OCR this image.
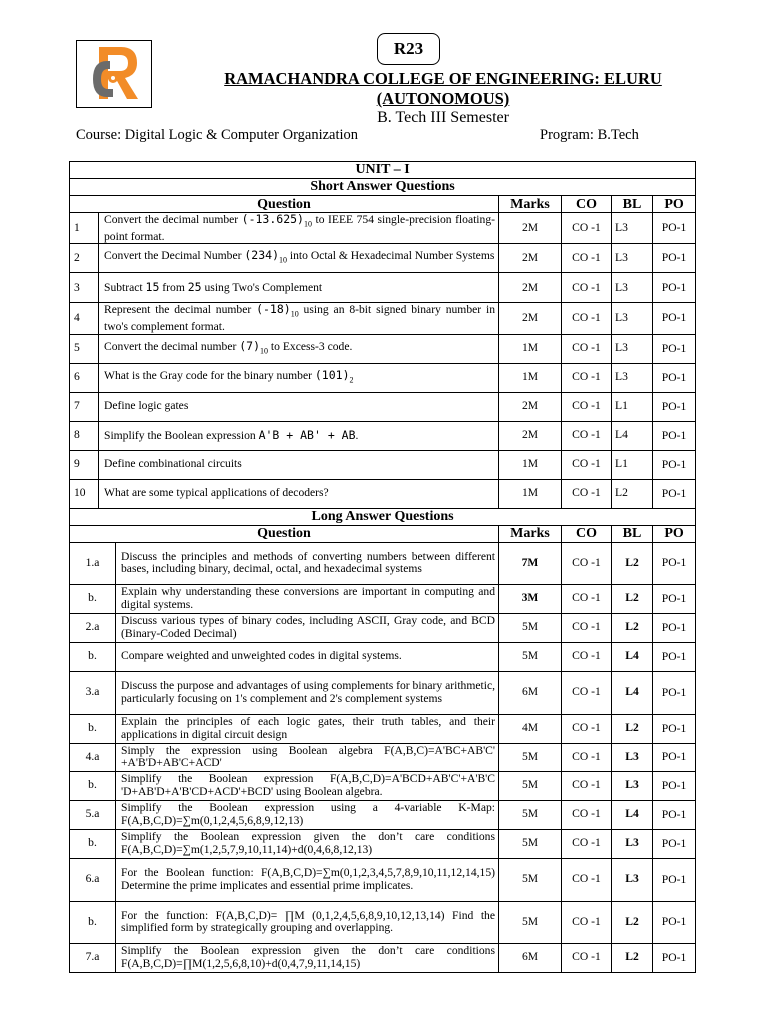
R23
RAMACHANDRA COLLEGE OF ENGINEERING: ELURU
(AUTONOMOUS)
B. Tech III Semester
Course: Digital Logic & Computer Organization	Program: B.Tech
UNIT – I						
Short Answer Questions						
Question			Marks	CO	BL	PO
1	Convert the decimal number $(-13.625)_{10}$ to IEEE 754 single-precision floating-point format.		2M	CO -1	L3	PO-1
2	Convert the Decimal Number $(234)_{10}$ into Octal & Hexadecimal Number Systems		2M	CO -1	L3	PO-1
3	Subtract 15 from 25 using Two's Complement		2M	CO -1	L3	PO-1
4	Represent the decimal number $(-18)_{10}$ using an 8-bit signed binary number in two's complement format.		2M	CO -1	L3	PO-1
5	Convert the decimal number $(7)_{10}$ to Excess-3 code.		1M	CO -1	L3	PO-1
6	What is the Gray code for the binary number $(101)_2$		1M	CO -1	L3	PO-1
7	Define logic gates		2M	CO -1	L1	PO-1
8	Simplify the Boolean expression A'B + AB' + AB.		2M	CO -1	L4	PO-1
9	Define combinational circuits		1M	CO -1	L1	PO-1
10	What are some typical applications of decoders?		1M	CO -1	L2	PO-1
Long Answer Questions						
Question			Marks	CO	BL	PO
1.a		Discuss the principles and methods of converting numbers between different bases, including binary, decimal, octal, and hexadecimal systems	7M	CO -1	L2	PO-1
b.		Explain why understanding these conversions are important in computing and digital systems.	3M	CO -1	L2	PO-1
2.a		Discuss various types of binary codes, including ASCII, Gray code, and BCD (Binary-Coded Decimal)	5M	CO -1	L2	PO-1
b.		Compare weighted and unweighted codes in digital systems.	5M	CO -1	L4	PO-1
3.a		Discuss the purpose and advantages of using complements for binary arithmetic, particularly focusing on 1's complement and 2's complement systems	6M	CO -1	L4	PO-1
b.		Explain the principles of each logic gates, their truth tables, and their applications in digital circuit design	4M	CO -1	L2	PO-1
4.a		Simply the expression using Boolean algebra F(A,B,C)=A'BC+AB'C' +A'B'D+AB'C+ACD'	5M	CO -1	L3	PO-1
b.		Simplify the Boolean expression F(A,B,C,D)=A'BCD+AB'C'+A'B'C 'D+AB'D+A'B'CD+ACD'+BCD' using Boolean algebra.	5M	CO -1	L3	PO-1
5.a		Simplify the Boolean expression using a 4-variable K-Map: F(A,B,C,D)=∑m(0,1,2,4,5,6,8,9,12,13)	5M	CO -1	L4	PO-1
b.		Simplify the Boolean expression given the don’t care conditions F(A,B,C,D)=∑m(1,2,5,7,9,10,11,14)+d(0,4,6,8,12,13)	5M	CO -1	L3	PO-1
6.a		For the Boolean function: F(A,B,C,D)=∑m(0,1,2,3,4,5,7,8,9,10,11,12,14,15) Determine the prime implicates and essential prime implicates.	5M	CO -1	L3	PO-1
b.		For the function: F(A,B,C,D)= ∏M (0,1,2,4,5,6,8,9,10,12,13,14) Find the simplified form by strategically grouping and overlapping.	5M	CO -1	L2	PO-1
7.a		Simplify the Boolean expression given the don’t care conditions F(A,B,C,D)=∏M(1,2,5,6,8,10)+d(0,4,7,9,11,14,15)	6M	CO -1	L2	PO-1
